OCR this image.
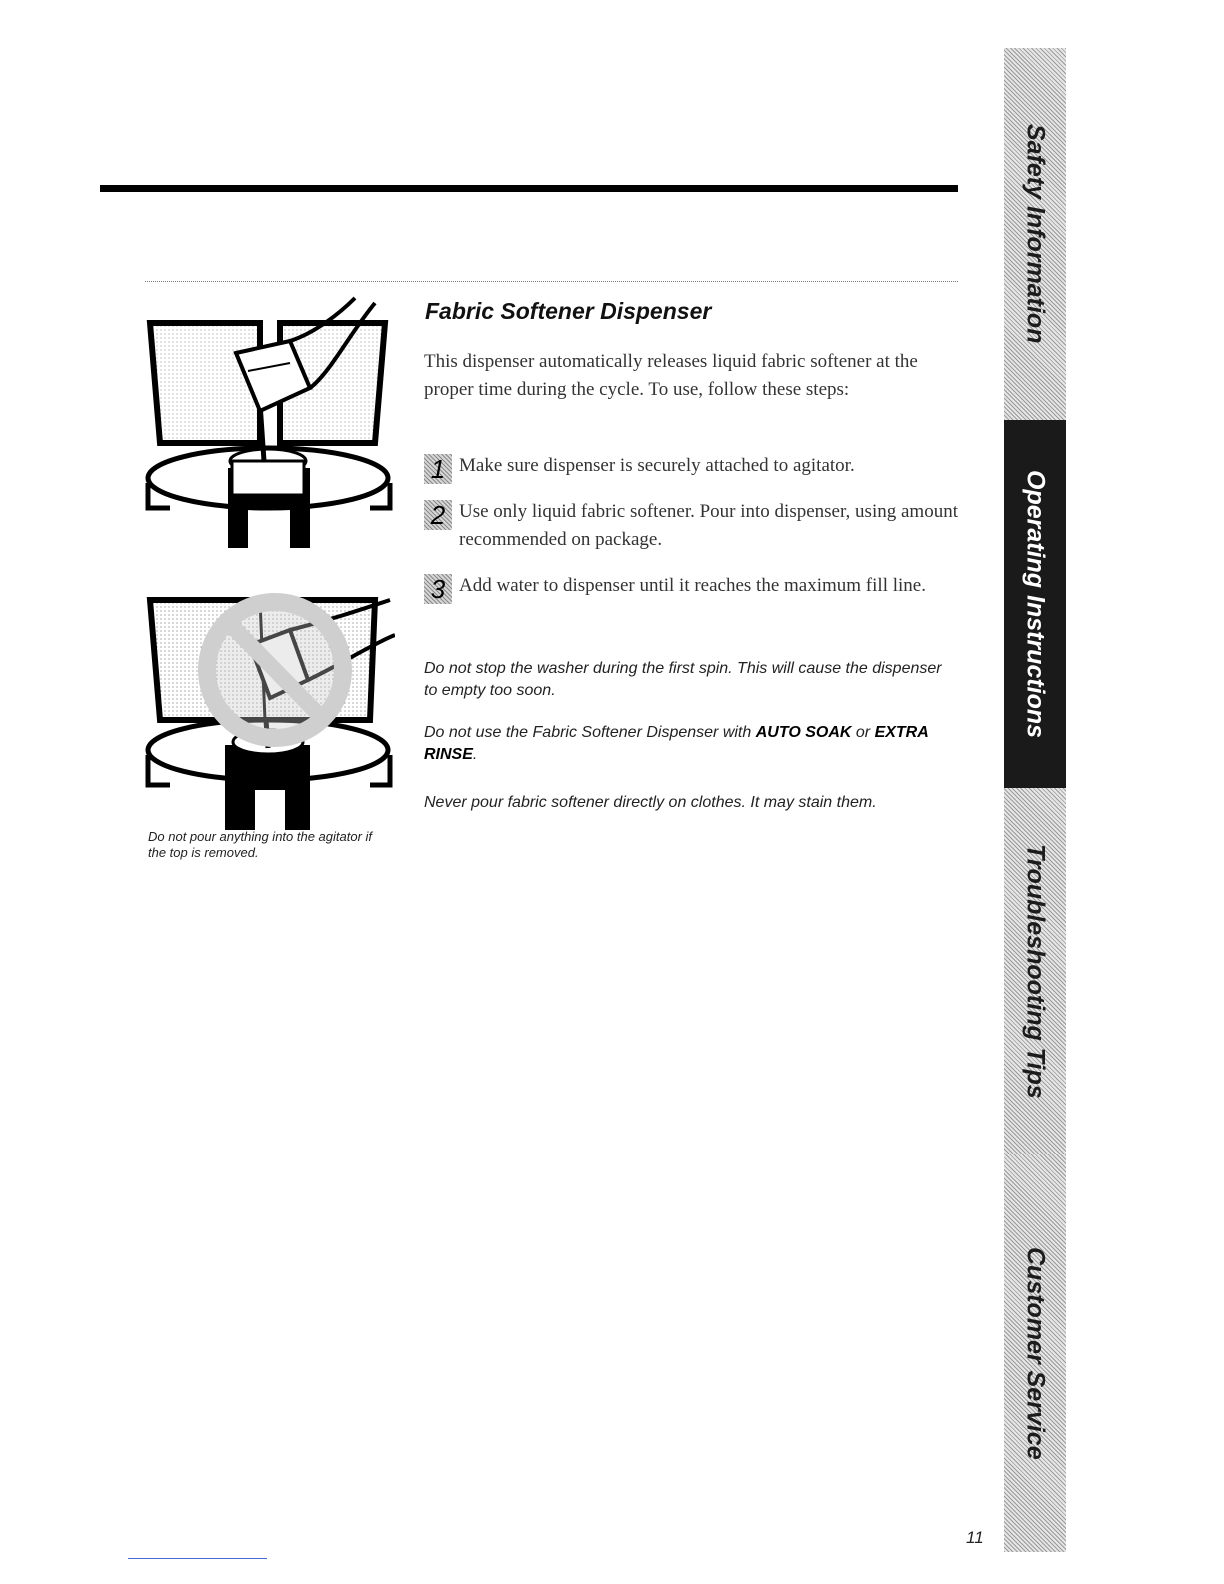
Do not pour anything into the agitator if the top is removed.
Fabric Softener Dispenser

This dispenser automatically releases liquid fabric softener at the proper time during the cycle. To use, follow these steps:

1 Make sure dispenser is securely attached to agitator.
2 Use only liquid fabric softener. Pour into dispenser, using amount recommended on package.
3 Add water to dispenser until it reaches the maximum fill line.

Do not stop the washer during the first spin. This will cause the dispenser to empty too soon.

Do not use the Fabric Softener Dispenser with AUTO SOAK or EXTRA RINSE.

Never pour fabric softener directly on clothes. It may stain them.

11
Safety Information
Operating Instructions
Troubleshooting Tips
Customer Service
